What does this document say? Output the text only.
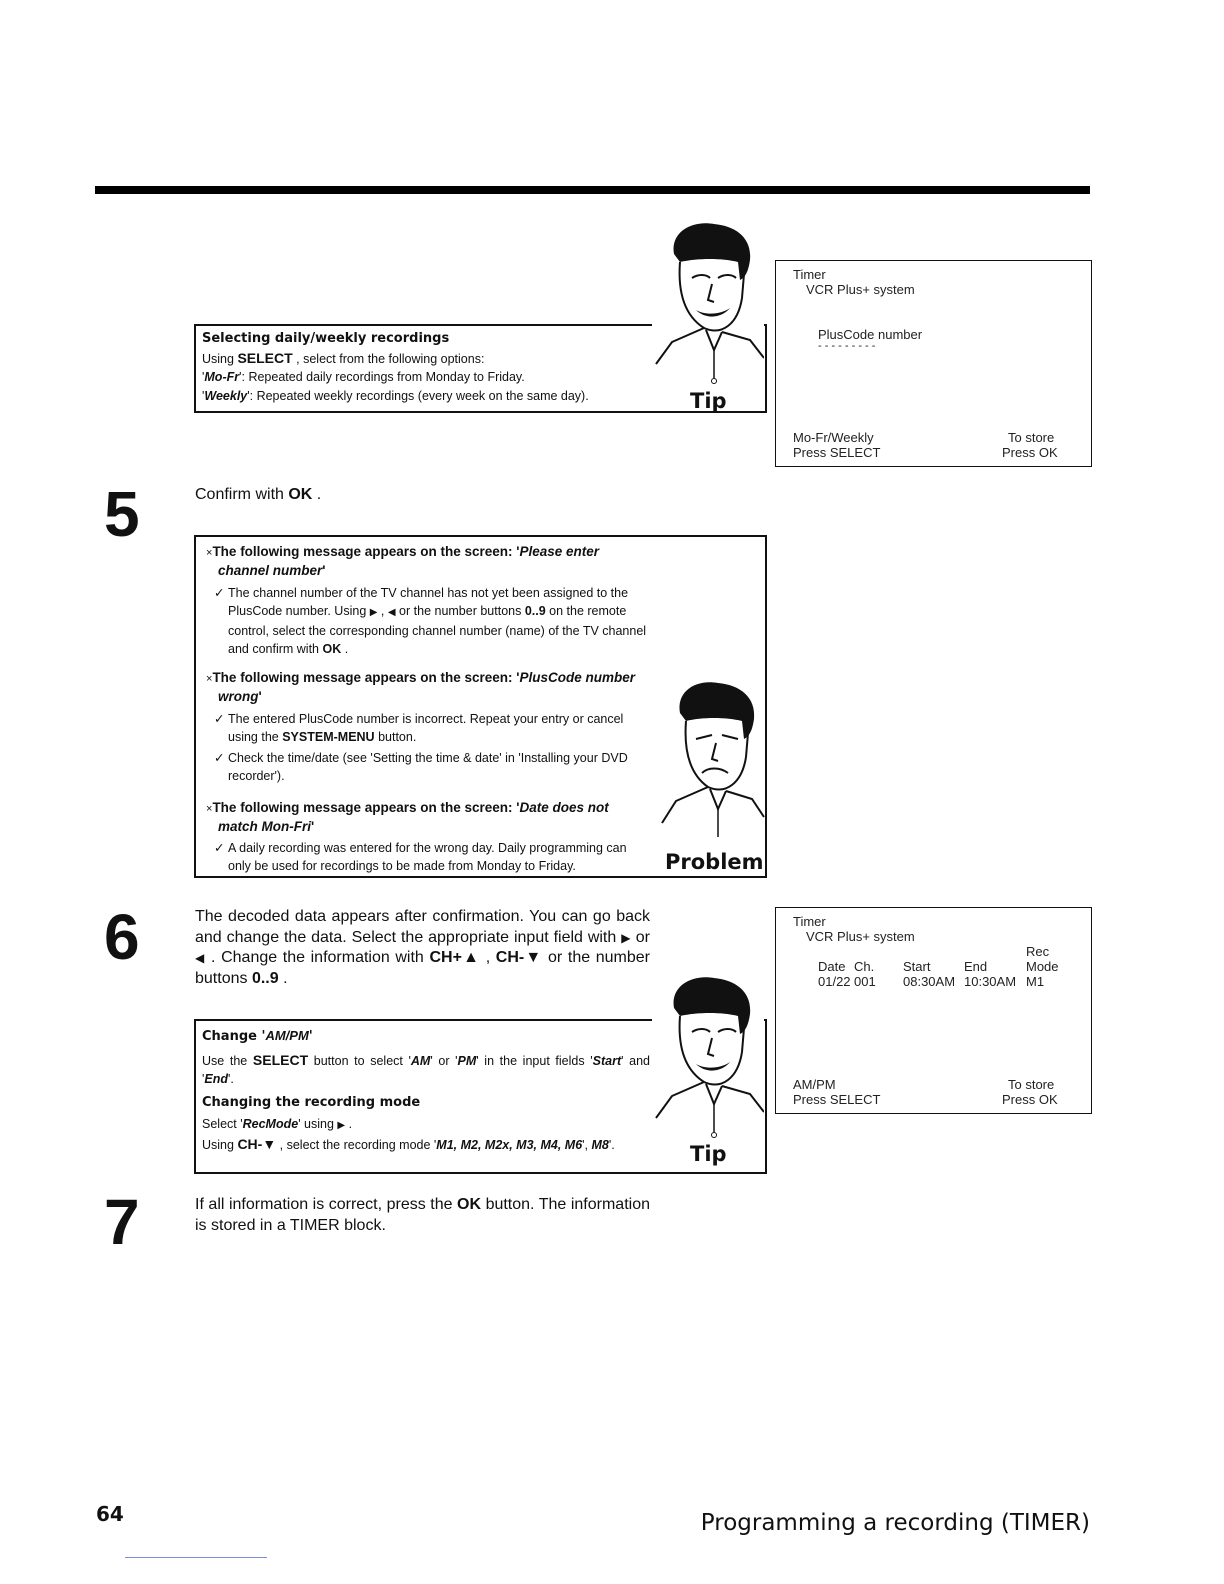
Selecting daily/weekly recordings
Using SELECT , select from the following options:
'Mo-Fr': Repeated daily recordings from Monday to Friday.
'Weekly': Repeated weekly recordings (every week on the same day).	Tip
Timer
VCR Plus+ system
PlusCode number
- - - - - - - - -
Mo-Fr/Weekly
Press SELECT
To store
Press OK
5	Confirm with OK .
×The following message appears on the screen: 'Please enter channel number'
✓ The channel number of the TV channel has not yet been assigned to the PlusCode number. Using ▶ , ◀ or the number buttons 0..9 on the remote control, select the corresponding channel number (name) of the TV channel and confirm with OK .
×The following message appears on the screen: 'PlusCode number wrong'
✓ The entered PlusCode number is incorrect. Repeat your entry or cancel using the SYSTEM-MENU button.
✓ Check the time/date (see 'Setting the time & date' in 'Installing your DVD recorder').
×The following message appears on the screen: 'Date does not match Mon-Fri'
✓ A daily recording was entered for the wrong day. Daily programming can only be used for recordings to be made from Monday to Friday.	Problem
6	The decoded data appears after confirmation. You can go back and change the data. Select the appropriate input field with ▶ or ◀ . Change the information with CH+▲ , CH-▼ or the number buttons 0..9 .
Timer
VCR Plus+ system
Rec
Date Ch. Start	End	Mode
01/22 001 08:30AM 10:30AM M1
AM/PM
Press SELECT
To store
Press OK
Change 'AM/PM'
Use the SELECT button to select 'AM' or 'PM' in the input fields 'Start' and 'End'.
Changing the recording mode
Select 'RecMode' using ▶ .
Using CH-▼ , select the recording mode 'M1, M2, M2x, M3, M4, M6', M8'.	Tip
7	If all information is correct, press the OK button. The information is stored in a TIMER block.
64	Programming a recording (TIMER)
